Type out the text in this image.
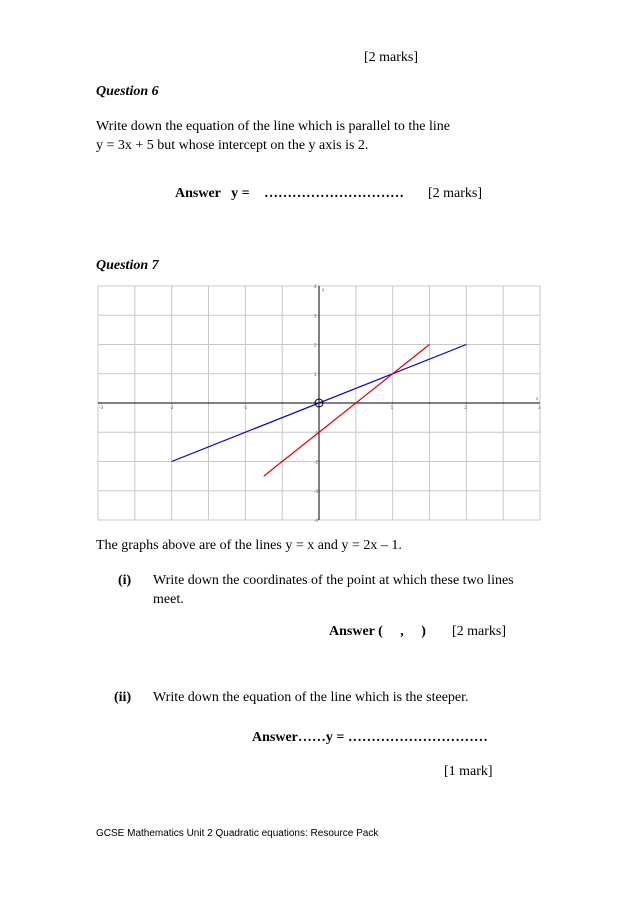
[2 marks]
Question 6
Write down the equation of the line which is parallel to the line
y = 3x + 5 but whose intercept on the y axis is 2.
Answer   y = ………………………… [2 marks]
Question 7
-3	-2	-1	1	2	3
-4
-3
-2
-1
1
2
3
4
x
y
The graphs above are of the lines y = x and y = 2x – 1.
(i) Write down the coordinates of the point at which these two lines
meet.
Answer (     ,     ) [2 marks]
(ii) Write down the equation of the line which is the steeper.
Answer……y = …………………………
[1 mark]
GCSE Mathematics Unit 2 Quadratic equations: Resource Pack
